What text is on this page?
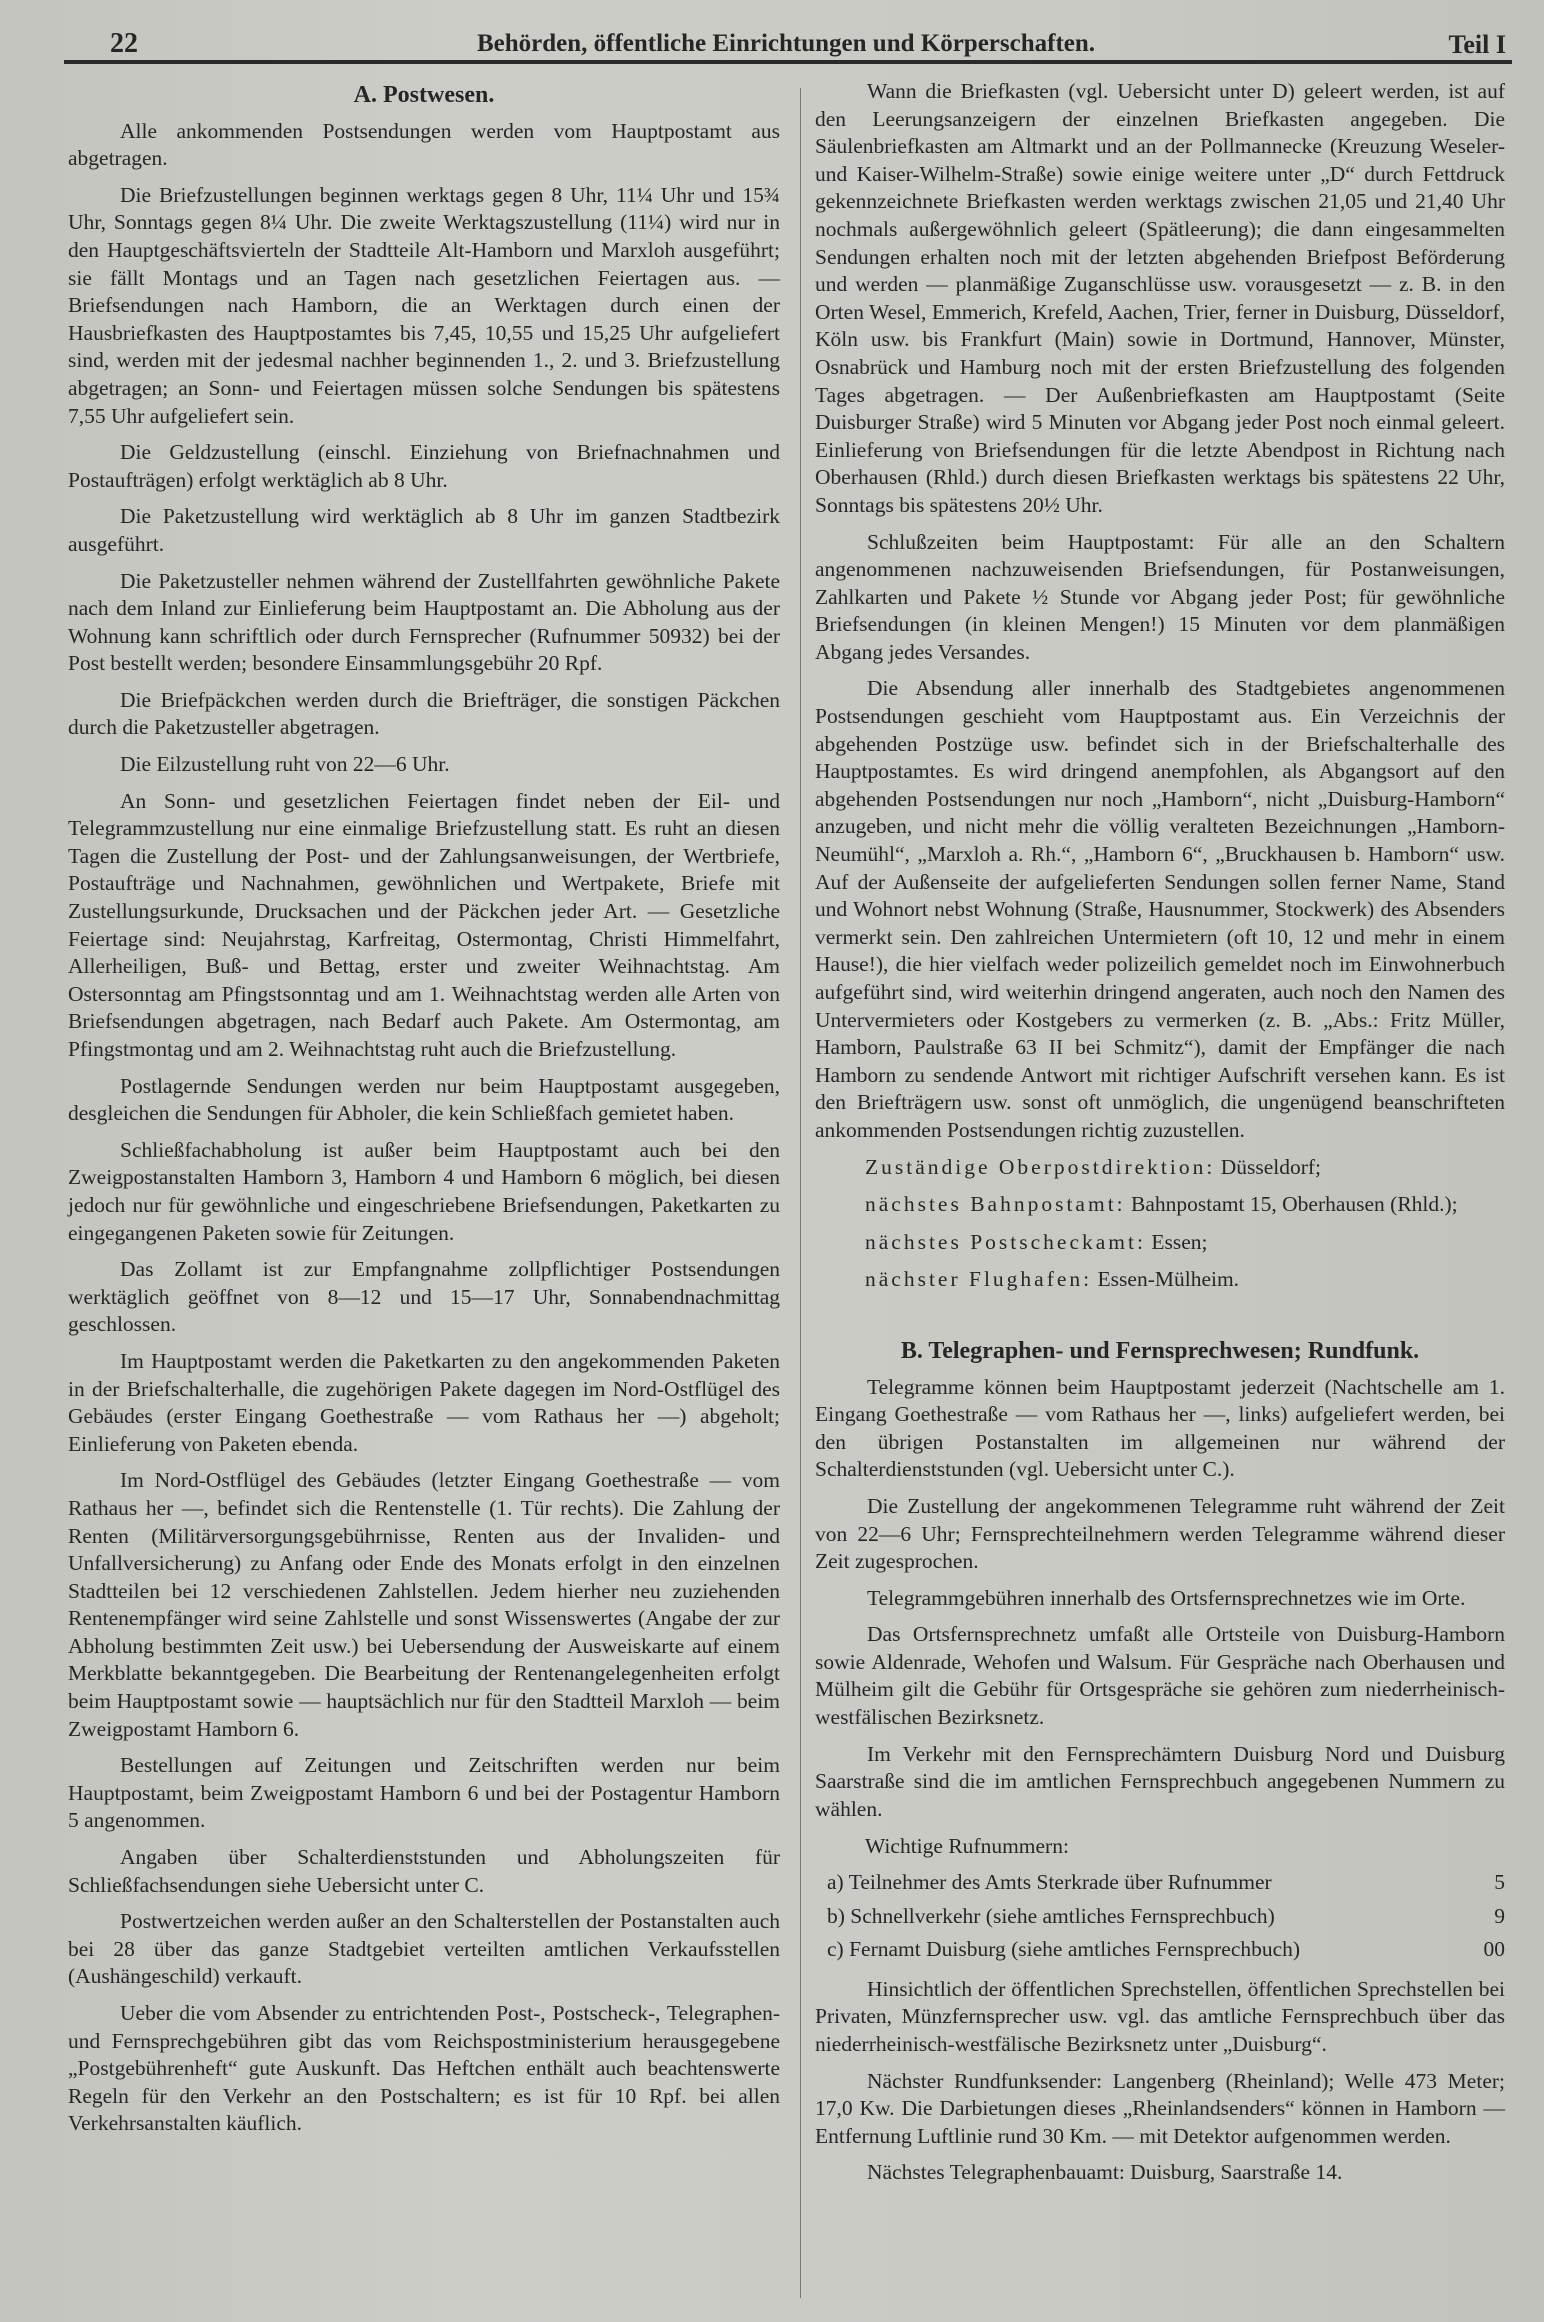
22	Behörden, öffentliche Einrichtungen und Körperschaften.	Teil I
A. Postwesen.

Alle ankommenden Postsendungen werden vom Hauptpostamt aus abgetragen.

Die Briefzustellungen beginnen werktags gegen 8 Uhr, 11¼ Uhr und 15¾ Uhr, Sonntags gegen 8¼ Uhr. Die zweite Werktagszustellung (11¼) wird nur in den Hauptgeschäftsvierteln der Stadtteile Alt-Hamborn und Marxloh ausgeführt; sie fällt Montags und an Tagen nach gesetzlichen Feiertagen aus. — Briefsendungen nach Hamborn, die an Werktagen durch einen der Hausbriefkasten des Hauptpostamtes bis 7,45, 10,55 und 15,25 Uhr aufgeliefert sind, werden mit der jedesmal nachher beginnenden 1., 2. und 3. Briefzustellung abgetragen; an Sonn- und Feiertagen müssen solche Sendungen bis spätestens 7,55 Uhr aufgeliefert sein.

Die Geldzustellung (einschl. Einziehung von Briefnachnahmen und Postaufträgen) erfolgt werktäglich ab 8 Uhr.

Die Paketzustellung wird werktäglich ab 8 Uhr im ganzen Stadtbezirk ausgeführt.

Die Paketzusteller nehmen während der Zustellfahrten gewöhnliche Pakete nach dem Inland zur Einlieferung beim Hauptpostamt an. Die Abholung aus der Wohnung kann schriftlich oder durch Fernsprecher (Rufnummer 50932) bei der Post bestellt werden; besondere Einsammlungsgebühr 20 Rpf.

Die Briefpäckchen werden durch die Briefträger, die sonstigen Päckchen durch die Paketzusteller abgetragen.

Die Eilzustellung ruht von 22—6 Uhr.

An Sonn- und gesetzlichen Feiertagen findet neben der Eil- und Telegrammzustellung nur eine einmalige Briefzustellung statt. Es ruht an diesen Tagen die Zustellung der Post- und der Zahlungsanweisungen, der Wertbriefe, Postaufträge und Nachnahmen, gewöhnlichen und Wertpakete, Briefe mit Zustellungsurkunde, Drucksachen und der Päckchen jeder Art. — Gesetzliche Feiertage sind: Neujahrstag, Karfreitag, Ostermontag, Christi Himmelfahrt, Allerheiligen, Buß- und Bettag, erster und zweiter Weihnachtstag. Am Ostersonntag am Pfingstsonntag und am 1. Weihnachtstag werden alle Arten von Briefsendungen abgetragen, nach Bedarf auch Pakete. Am Ostermontag, am Pfingstmontag und am 2. Weihnachtstag ruht auch die Briefzustellung.

Postlagernde Sendungen werden nur beim Hauptpostamt ausgegeben, desgleichen die Sendungen für Abholer, die kein Schließfach gemietet haben.

Schließfachabholung ist außer beim Hauptpostamt auch bei den Zweigpostanstalten Hamborn 3, Hamborn 4 und Hamborn 6 möglich, bei diesen jedoch nur für gewöhnliche und eingeschriebene Briefsendungen, Paketkarten zu eingegangenen Paketen sowie für Zeitungen.

Das Zollamt ist zur Empfangnahme zollpflichtiger Postsendungen werktäglich geöffnet von 8—12 und 15—17 Uhr, Sonnabendnachmittag geschlossen.

Im Hauptpostamt werden die Paketkarten zu den angekommenden Paketen in der Briefschalterhalle, die zugehörigen Pakete dagegen im Nord-Ostflügel des Gebäudes (erster Eingang Goethestraße — vom Rathaus her —) abgeholt; Einlieferung von Paketen ebenda.

Im Nord-Ostflügel des Gebäudes (letzter Eingang Goethestraße — vom Rathaus her —, befindet sich die Rentenstelle (1. Tür rechts). Die Zahlung der Renten (Militärversorgungsgebührnisse, Renten aus der Invaliden- und Unfallversicherung) zu Anfang oder Ende des Monats erfolgt in den einzelnen Stadtteilen bei 12 verschiedenen Zahlstellen. Jedem hierher neu zuziehenden Rentenempfänger wird seine Zahlstelle und sonst Wissenswertes (Angabe der zur Abholung bestimmten Zeit usw.) bei Uebersendung der Ausweiskarte auf einem Merkblatte bekanntgegeben. Die Bearbeitung der Rentenangelegenheiten erfolgt beim Hauptpostamt sowie — hauptsächlich nur für den Stadtteil Marxloh — beim Zweigpostamt Hamborn 6.

Bestellungen auf Zeitungen und Zeitschriften werden nur beim Hauptpostamt, beim Zweigpostamt Hamborn 6 und bei der Postagentur Hamborn 5 angenommen.

Angaben über Schalterdienststunden und Abholungszeiten für Schließfachsendungen siehe Uebersicht unter C.

Postwertzeichen werden außer an den Schalterstellen der Postanstalten auch bei 28 über das ganze Stadtgebiet verteilten amtlichen Verkaufsstellen (Aushängeschild) verkauft.

Ueber die vom Absender zu entrichtenden Post-, Postscheck-, Telegraphen- und Fernsprechgebühren gibt das vom Reichspostministerium herausgegebene „Postgebührenheft“ gute Auskunft. Das Heftchen enthält auch beachtenswerte Regeln für den Verkehr an den Postschaltern; es ist für 10 Rpf. bei allen Verkehrsanstalten käuflich.

Wann die Briefkasten (vgl. Uebersicht unter D) geleert werden, ist auf den Leerungsanzeigern der einzelnen Briefkasten angegeben. Die Säulenbriefkasten am Altmarkt und an der Pollmannecke (Kreuzung Weseler- und Kaiser-Wilhelm-Straße) sowie einige weitere unter „D“ durch Fettdruck gekennzeichnete Briefkasten werden werktags zwischen 21,05 und 21,40 Uhr nochmals außergewöhnlich geleert (Spätleerung); die dann eingesammelten Sendungen erhalten noch mit der letzten abgehenden Briefpost Beförderung und werden — planmäßige Zuganschlüsse usw. vorausgesetzt — z. B. in den Orten Wesel, Emmerich, Krefeld, Aachen, Trier, ferner in Duisburg, Düsseldorf, Köln usw. bis Frankfurt (Main) sowie in Dortmund, Hannover, Münster, Osnabrück und Hamburg noch mit der ersten Briefzustellung des folgenden Tages abgetragen. — Der Außenbriefkasten am Hauptpostamt (Seite Duisburger Straße) wird 5 Minuten vor Abgang jeder Post noch einmal geleert. Einlieferung von Briefsendungen für die letzte Abendpost in Richtung nach Oberhausen (Rhld.) durch diesen Briefkasten werktags bis spätestens 22 Uhr, Sonntags bis spätestens 20½ Uhr.

Schlußzeiten beim Hauptpostamt: Für alle an den Schaltern angenommenen nachzuweisenden Briefsendungen, für Postanweisungen, Zahlkarten und Pakete ½ Stunde vor Abgang jeder Post; für gewöhnliche Briefsendungen (in kleinen Mengen!) 15 Minuten vor dem planmäßigen Abgang jedes Versandes.

Die Absendung aller innerhalb des Stadtgebietes angenommenen Postsendungen geschieht vom Hauptpostamt aus. Ein Verzeichnis der abgehenden Postzüge usw. befindet sich in der Briefschalterhalle des Hauptpostamtes. Es wird dringend anempfohlen, als Abgangsort auf den abgehenden Postsendungen nur noch „Hamborn“, nicht „Duisburg-Hamborn“ anzugeben, und nicht mehr die völlig veralteten Bezeichnungen „Hamborn-Neumühl“, „Marxloh a. Rh.“, „Hamborn 6“, „Bruckhausen b. Hamborn“ usw. Auf der Außenseite der aufgelieferten Sendungen sollen ferner Name, Stand und Wohnort nebst Wohnung (Straße, Hausnummer, Stockwerk) des Absenders vermerkt sein. Den zahlreichen Untermietern (oft 10, 12 und mehr in einem Hause!), die hier vielfach weder polizeilich gemeldet noch im Einwohnerbuch aufgeführt sind, wird weiterhin dringend angeraten, auch noch den Namen des Untervermieters oder Kostgebers zu vermerken (z. B. „Abs.: Fritz Müller, Hamborn, Paulstraße 63 II bei Schmitz“), damit der Empfänger die nach Hamborn zu sendende Antwort mit richtiger Aufschrift versehen kann. Es ist den Briefträgern usw. sonst oft unmöglich, die ungenügend beanschrifteten ankommenden Postsendungen richtig zuzustellen.

Zuständige Oberpostdirektion: Düsseldorf;
nächstes Bahnpostamt: Bahnpostamt 15, Oberhausen (Rhld.);
nächstes Postscheckamt: Essen;
nächster Flughafen: Essen-Mülheim.
B. Telegraphen- und Fernsprechwesen; Rundfunk.

Telegramme können beim Hauptpostamt jederzeit (Nachtschelle am 1. Eingang Goethestraße — vom Rathaus her —, links) aufgeliefert werden, bei den übrigen Postanstalten im allgemeinen nur während der Schalterdienststunden (vgl. Uebersicht unter C.).

Die Zustellung der angekommenen Telegramme ruht während der Zeit von 22—6 Uhr; Fernsprechteilnehmern werden Telegramme während dieser Zeit zugesprochen.

Telegrammgebühren innerhalb des Ortsfernsprechnetzes wie im Orte.

Das Ortsfernsprechnetz umfaßt alle Ortsteile von Duisburg-Hamborn sowie Aldenrade, Wehofen und Walsum. Für Gespräche nach Oberhausen und Mülheim gilt die Gebühr für Ortsgespräche sie gehören zum niederrheinisch-westfälischen Bezirksnetz.

Im Verkehr mit den Fernsprechämtern Duisburg Nord und Duisburg Saarstraße sind die im amtlichen Fernsprechbuch angegebenen Nummern zu wählen.

Wichtige Rufnummern:
a) Teilnehmer des Amts Sterkrade über Rufnummer	5
b) Schnellverkehr (siehe amtliches Fernsprechbuch)	9
c) Fernamt Duisburg (siehe amtliches Fernsprechbuch)	00

Hinsichtlich der öffentlichen Sprechstellen, öffentlichen Sprechstellen bei Privaten, Münzfernsprecher usw. vgl. das amtliche Fernsprechbuch über das niederrheinisch-westfälische Bezirksnetz unter „Duisburg“.

Nächster Rundfunksender: Langenberg (Rheinland); Welle 473 Meter; 17,0 Kw. Die Darbietungen dieses „Rheinlandsenders“ können in Hamborn — Entfernung Luftlinie rund 30 Km. — mit Detektor aufgenommen werden.

Nächstes Telegraphenbauamt: Duisburg, Saarstraße 14.
